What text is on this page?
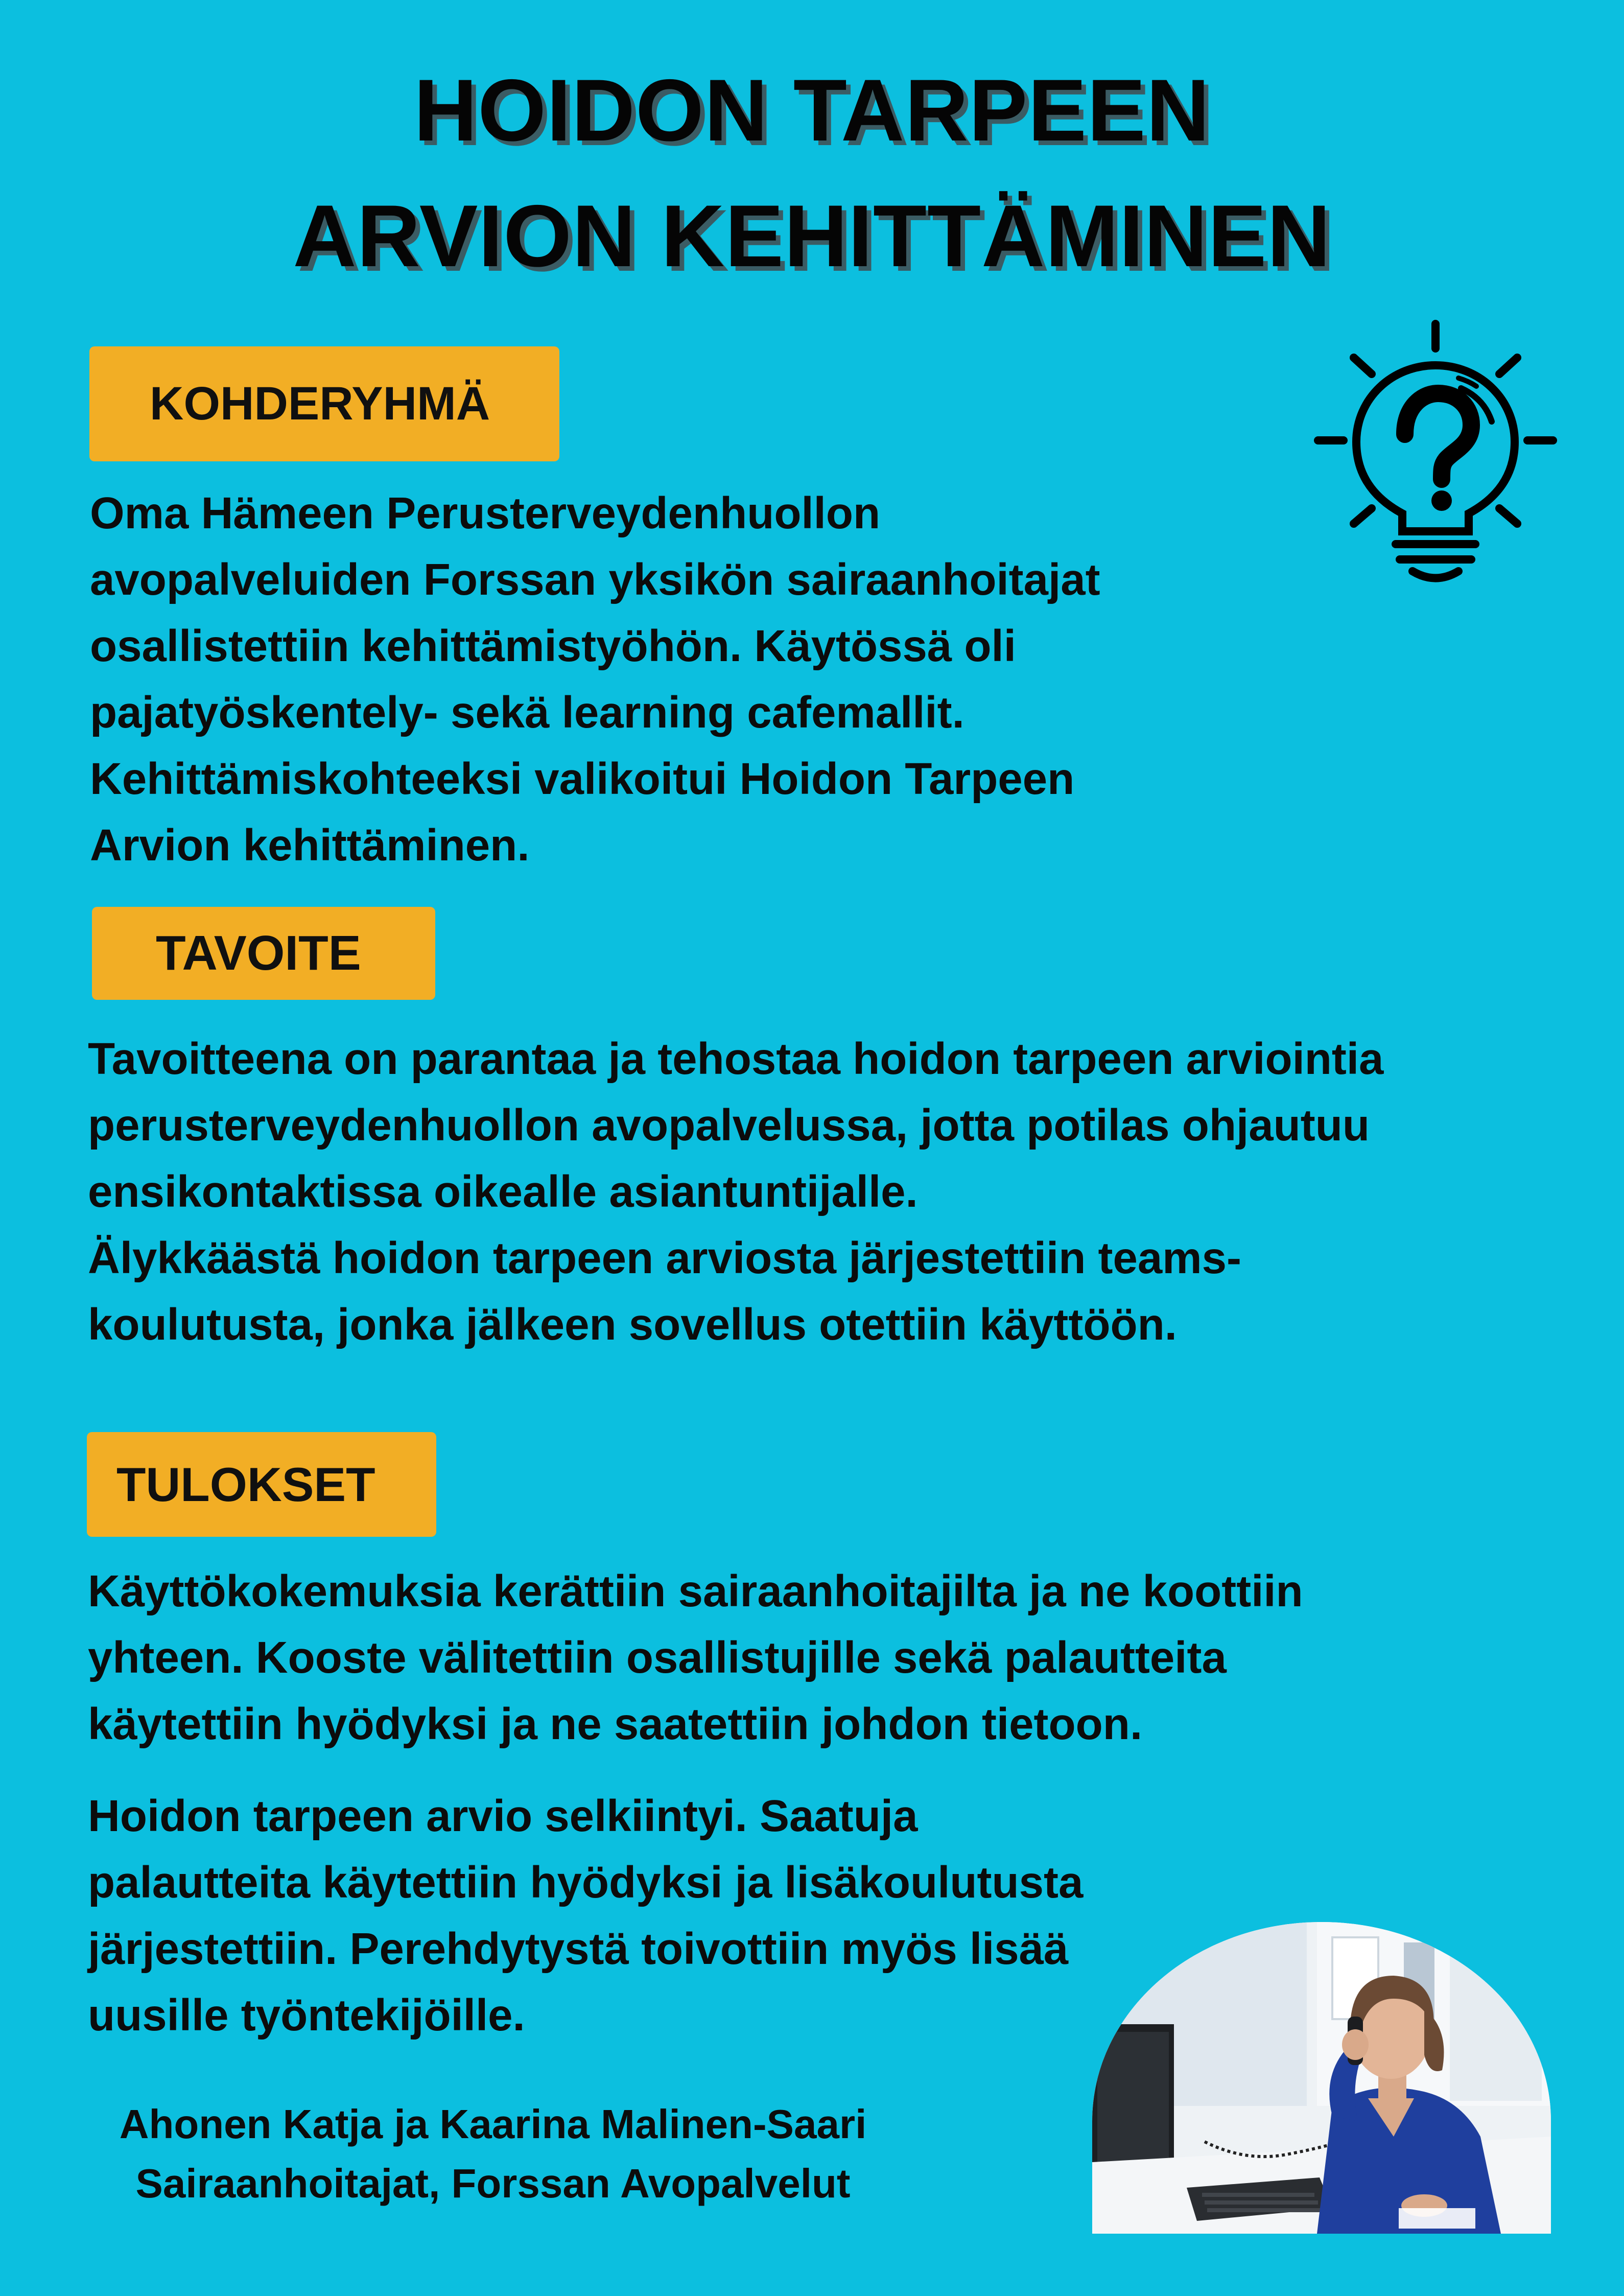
HOIDON TARPEEN
ARVION KEHITTÄMINEN
KOHDERYHMÄ

Oma Hämeen Perusterveydenhuollon
avopalveluiden Forssan yksikön sairaanhoitajat
osallistettiin kehittämistyöhön. Käytössä oli
pajatyöskentely- sekä learning cafemallit.
Kehittämiskohteeksi valikoitui Hoidon Tarpeen
Arvion kehittäminen.

TAVOITE

Tavoitteena on parantaa ja tehostaa hoidon tarpeen arviointia
perusterveydenhuollon avopalvelussa, jotta potilas ohjautuu
ensikontaktissa oikealle asiantuntijalle.
Älykkäästä hoidon tarpeen arviosta järjestettiin teams-
koulutusta, jonka jälkeen sovellus otettiin käyttöön.

TULOKSET

Käyttökokemuksia kerättiin sairaanhoitajilta ja ne koottiin
yhteen. Kooste välitettiin osallistujille sekä palautteita
käytettiin hyödyksi ja ne saatettiin johdon tietoon.

Hoidon tarpeen arvio selkiintyi. Saatuja
palautteita käytettiin hyödyksi ja lisäkoulutusta
järjestettiin. Perehdytystä toivottiin myös lisää
uusille työntekijöille.

Ahonen Katja ja Kaarina Malinen-Saari
Sairaanhoitajat, Forssan Avopalvelut
